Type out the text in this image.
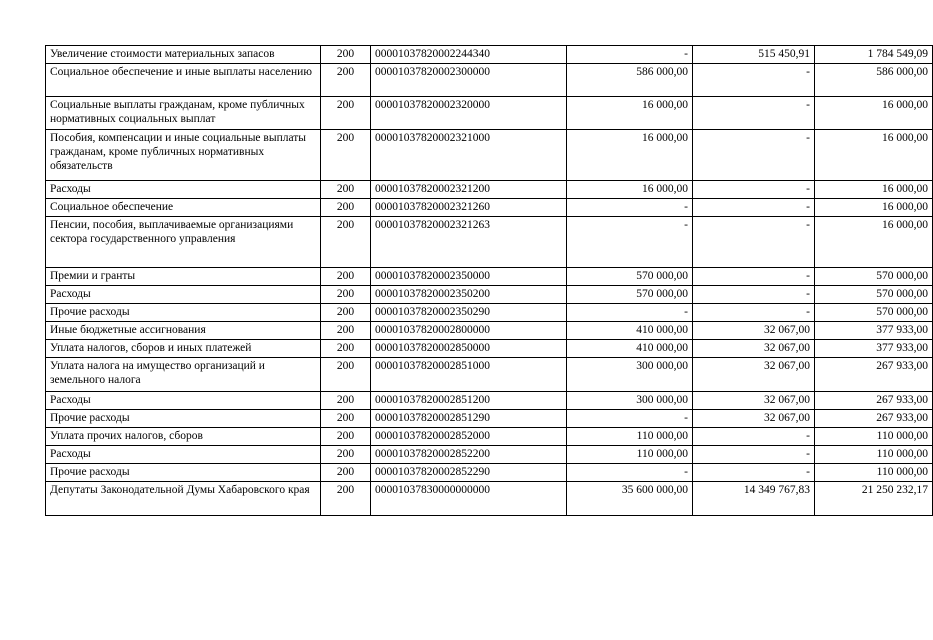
Увеличение стоимости материальных запасов	200	00001037820002244340	-	515 450,91	1 784 549,09
Социальное обеспечение и иные выплаты населению	200	00001037820002300000	586 000,00	-	586 000,00
Социальные выплаты гражданам, кроме публичных нормативных социальных выплат	200	00001037820002320000	16 000,00	-	16 000,00
Пособия, компенсации и иные социальные выплаты гражданам, кроме публичных нормативных обязательств	200	00001037820002321000	16 000,00	-	16 000,00
Расходы	200	00001037820002321200	16 000,00	-	16 000,00
Социальное обеспечение	200	00001037820002321260	-	-	16 000,00
Пенсии, пособия, выплачиваемые организациями сектора государственного управления	200	00001037820002321263	-	-	16 000,00
Премии и гранты	200	00001037820002350000	570 000,00	-	570 000,00
Расходы	200	00001037820002350200	570 000,00	-	570 000,00
Прочие расходы	200	00001037820002350290	-	-	570 000,00
Иные бюджетные ассигнования	200	00001037820002800000	410 000,00	32 067,00	377 933,00
Уплата налогов, сборов и иных платежей	200	00001037820002850000	410 000,00	32 067,00	377 933,00
Уплата налога на имущество организаций и земельного налога	200	00001037820002851000	300 000,00	32 067,00	267 933,00
Расходы	200	00001037820002851200	300 000,00	32 067,00	267 933,00
Прочие расходы	200	00001037820002851290	-	32 067,00	267 933,00
Уплата прочих налогов, сборов	200	00001037820002852000	110 000,00	-	110 000,00
Расходы	200	00001037820002852200	110 000,00	-	110 000,00
Прочие расходы	200	00001037820002852290	-	-	110 000,00
Депутаты Законодательной Думы Хабаровского края	200	00001037830000000000	35 600 000,00	14 349 767,83	21 250 232,17
